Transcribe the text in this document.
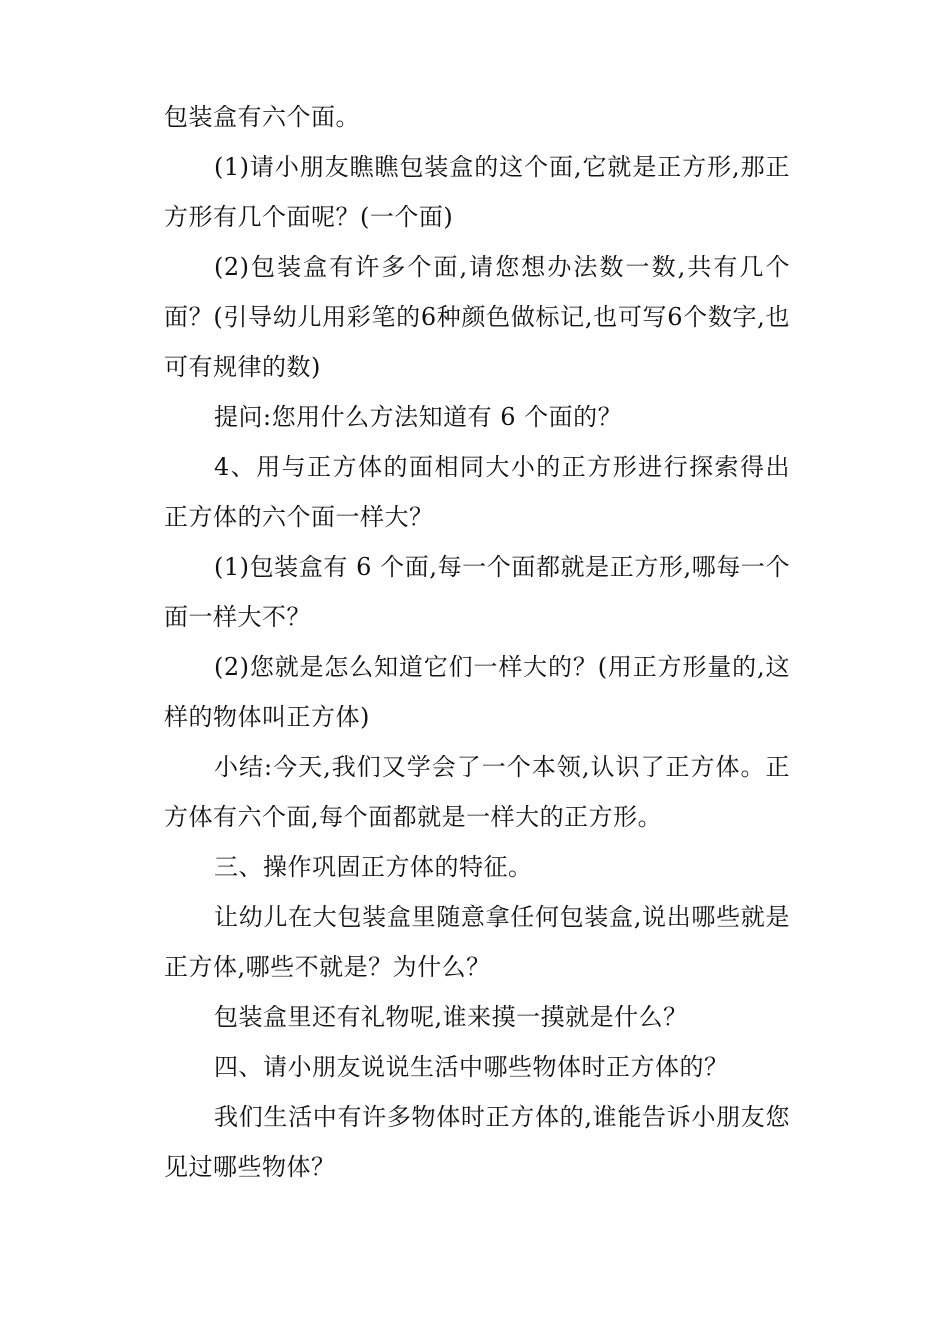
包装盒有六个面。

(1)请小朋友瞧瞧包装盒的这个面,它就是正方形,那正方形有几个面呢？(一个面)

(2)包装盒有许多个面,请您想办法数一数,共有几个面？(引导幼儿用彩笔的6种颜色做标记,也可写6个数字,也可有规律的数)

提问:您用什么方法知道有 6 个面的？

4、用与正方体的面相同大小的正方形进行探索得出正方体的六个面一样大？

(1)包装盒有 6 个面,每一个面都就是正方形,哪每一个面一样大不？

(2)您就是怎么知道它们一样大的？(用正方形量的,这样的物体叫正方体)

小结:今天,我们又学会了一个本领,认识了正方体。正方体有六个面,每个面都就是一样大的正方形。

三、操作巩固正方体的特征。

让幼儿在大包装盒里随意拿任何包装盒,说出哪些就是正方体,哪些不就是？为什么？

包装盒里还有礼物呢,谁来摸一摸就是什么？

四、请小朋友说说生活中哪些物体时正方体的？

我们生活中有许多物体时正方体的,谁能告诉小朋友您见过哪些物体？
